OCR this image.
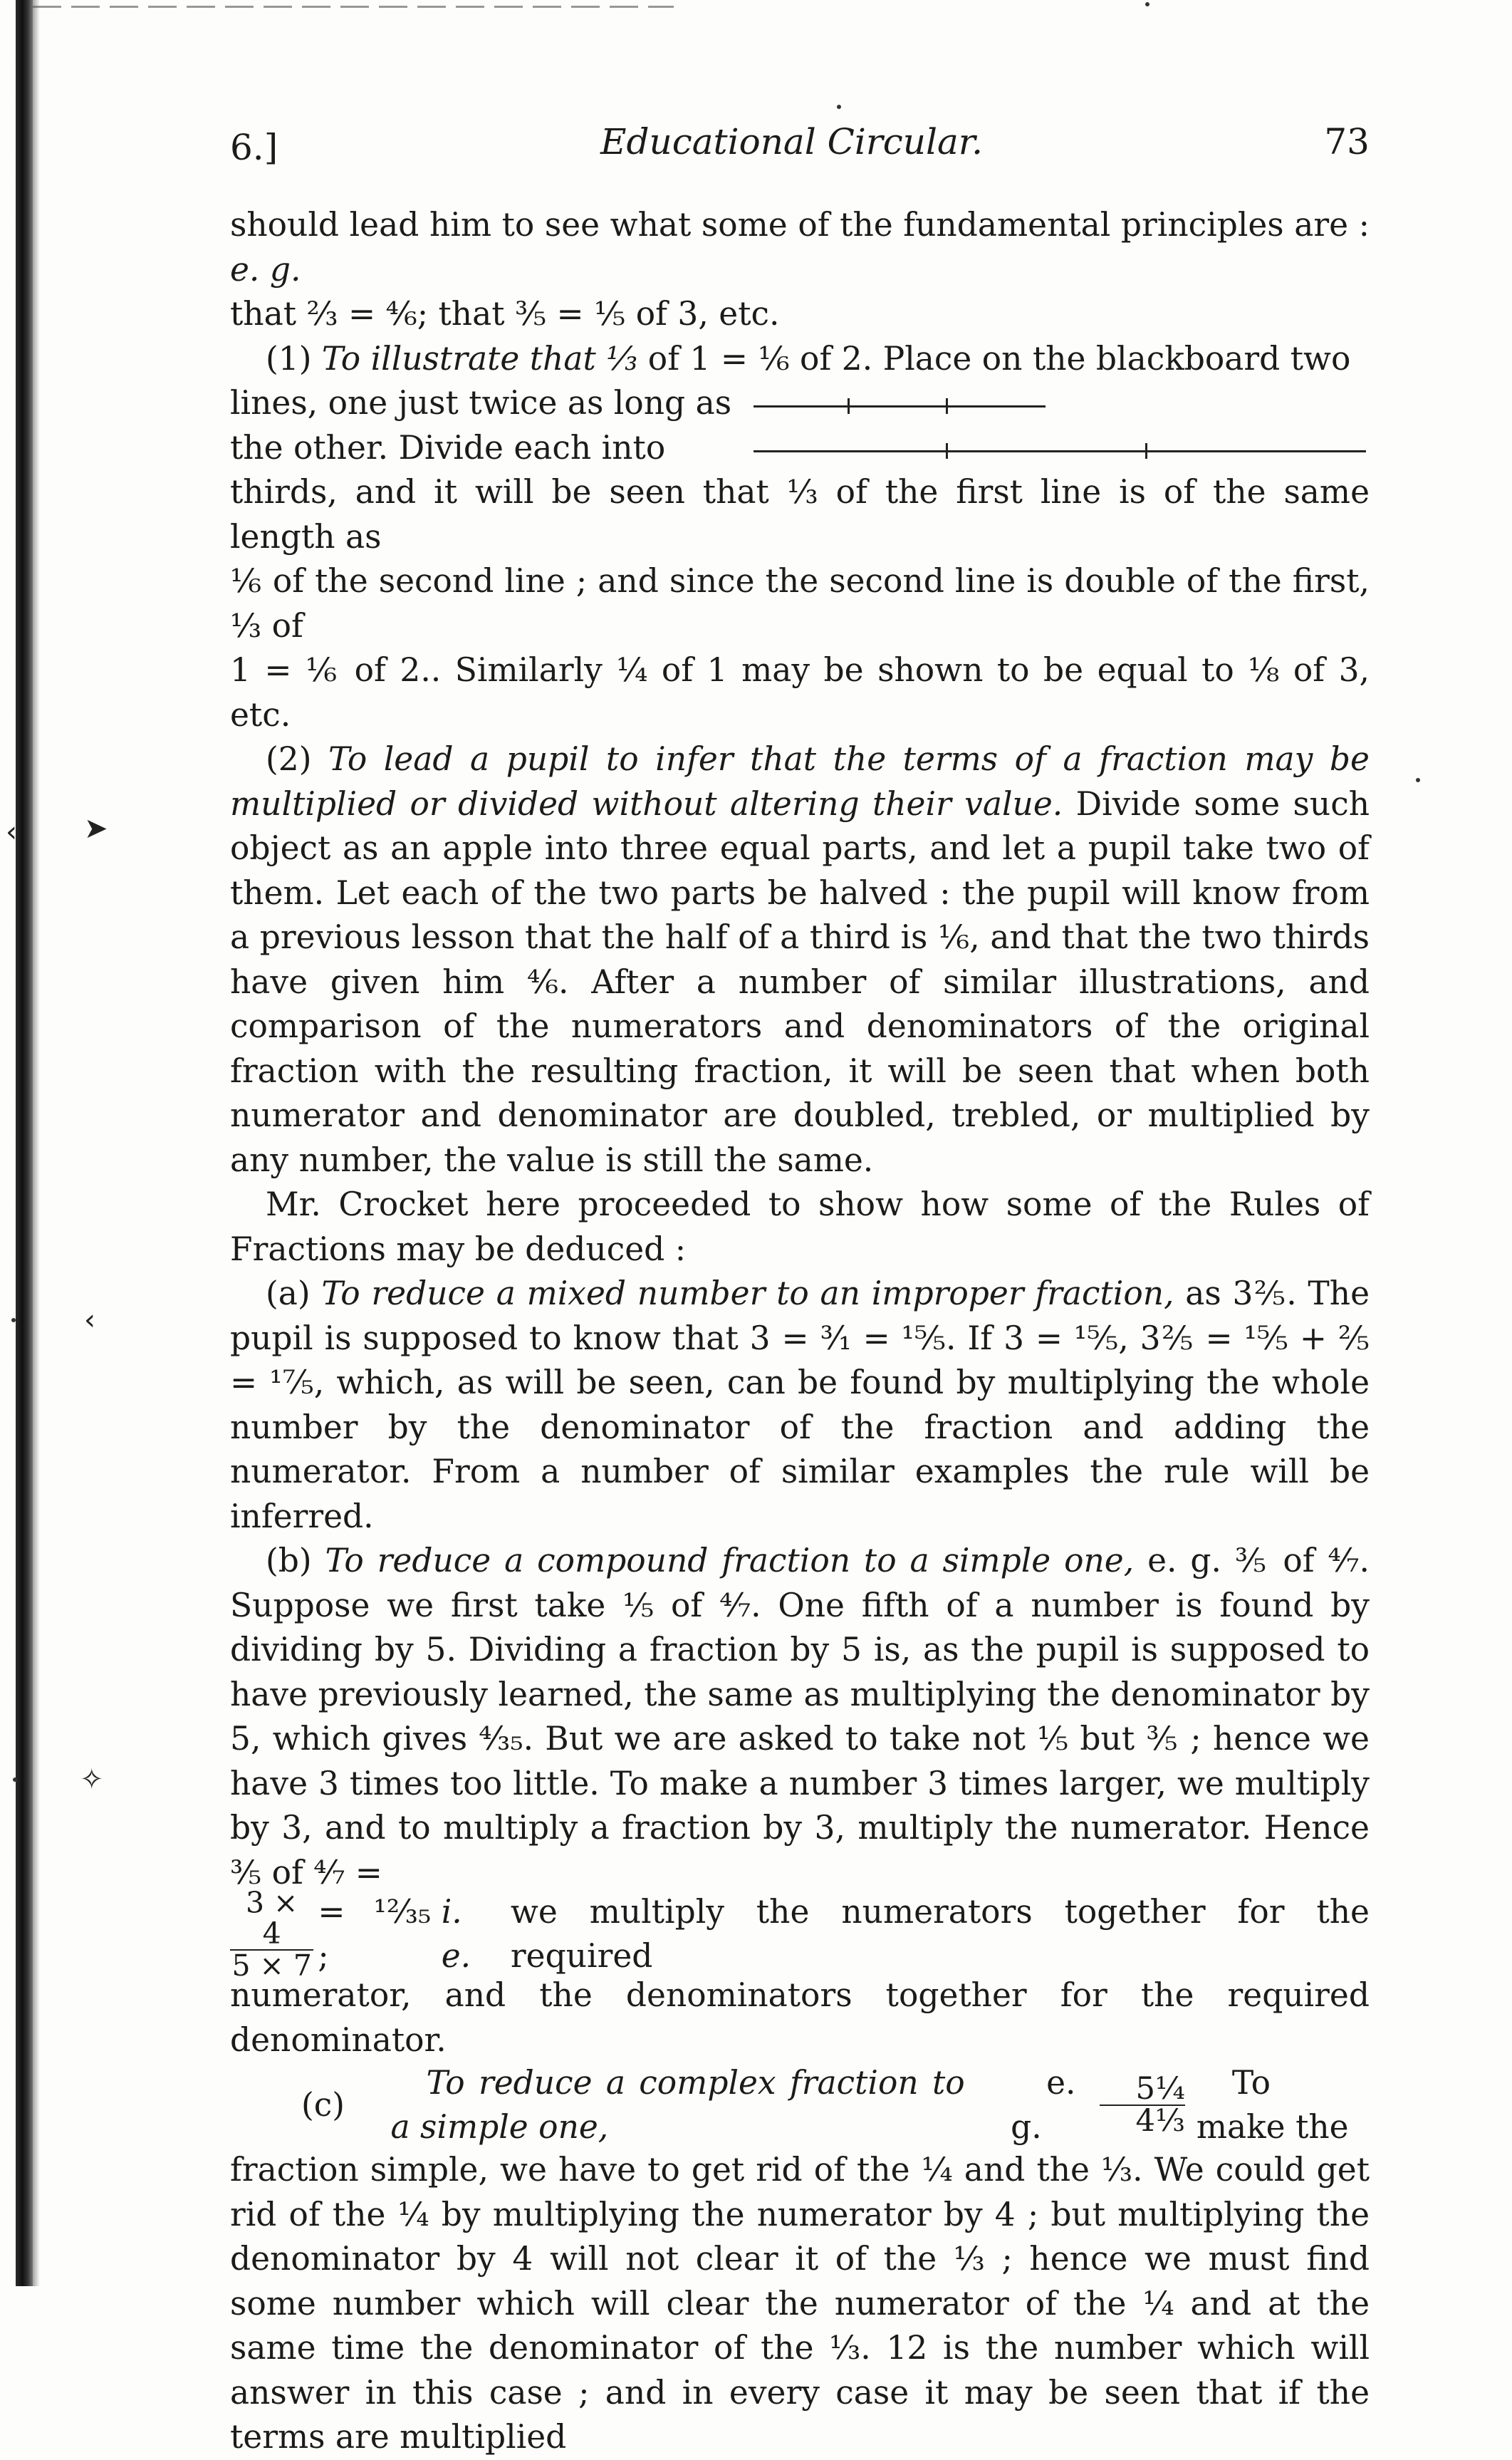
‹ ➤
‹
✧
6.]	Educational Circular.	73

should lead him to see what some of the fundamental principles are : e. g.

that ⅔ = ⁴⁄₆; that ⅗ = ⅕ of 3, etc.

(1) To illustrate that ⅓ of 1 = ⅙ of 2. Place on the blackboard two

lines, one just twice as long as
the other. Divide each into

thirds, and it will be seen that ⅓ of the first line is of the same length as

⅙ of the second line ; and since the second line is double of the first, ⅓ of

1 = ⅙ of 2.. Similarly ¼ of 1 may be shown to be equal to ⅛ of 3, etc.

(2) To lead a pupil to infer that the terms of a fraction may be multiplied or divided without altering their value. Divide some such object as an apple into three equal parts, and let a pupil take two of them. Let each of the two parts be halved : the pupil will know from a previous lesson that the half of a third is ⅙, and that the two thirds have given him ⁴⁄₆. After a number of similar illustrations, and comparison of the numerators and denominators of the original fraction with the resulting fraction, it will be seen that when both numerator and denominator are doubled, trebled, or multiplied by any number, the value is still the same.

Mr. Crocket here proceeded to show how some of the Rules of Fractions may be deduced :

(a) To reduce a mixed number to an improper fraction, as 3⅖. The pupil is supposed to know that 3 = ³⁄₁ = ¹⁵⁄₅. If 3 = ¹⁵⁄₅, 3⅖ = ¹⁵⁄₅ + ⅖ = ¹⁷⁄₅, which, as will be seen, can be found by multiplying the whole number by the denominator of the fraction and adding the numerator. From a number of similar examples the rule will be inferred.

(b) To reduce a compound fraction to a simple one, e. g. ⅗ of ⁴⁄₇. Suppose we first take ⅕ of ⁴⁄₇. One fifth of a number is found by dividing by 5. Dividing a fraction by 5 is, as the pupil is supposed to have previously learned, the same as multiplying the denominator by 5, which gives ⁴⁄₃₅. But we are asked to take not ⅕ but ⅗ ; hence we have 3 times too little. To make a number 3 times larger, we multiply by 3, and to multiply a fraction by 3, multiply the numerator. Hence ⅗ of ⁴⁄₇ =

$\frac{3 \times 4}{5 \times 7}$ = ¹²⁄₃₅ ;

i. e.

we multiply the numerators together for the required

numerator, and the denominators together for the required denominator.

(c)

To reduce a complex fraction to a simple one,

e. g.	$\frac{\text{5¼}}{\text{4⅓}}$	To make the

fraction simple, we have to get rid of the ¼ and the ⅓. We could get rid of the ¼ by multiplying the numerator by 4 ; but multiplying the denominator by 4 will not clear it of the ⅓ ; hence we must find some number which will clear the numerator of the ¼ and at the same time the denominator of the ⅓. 12 is the number which will answer in this case ; and in every case it may be seen that if the terms are multiplied
